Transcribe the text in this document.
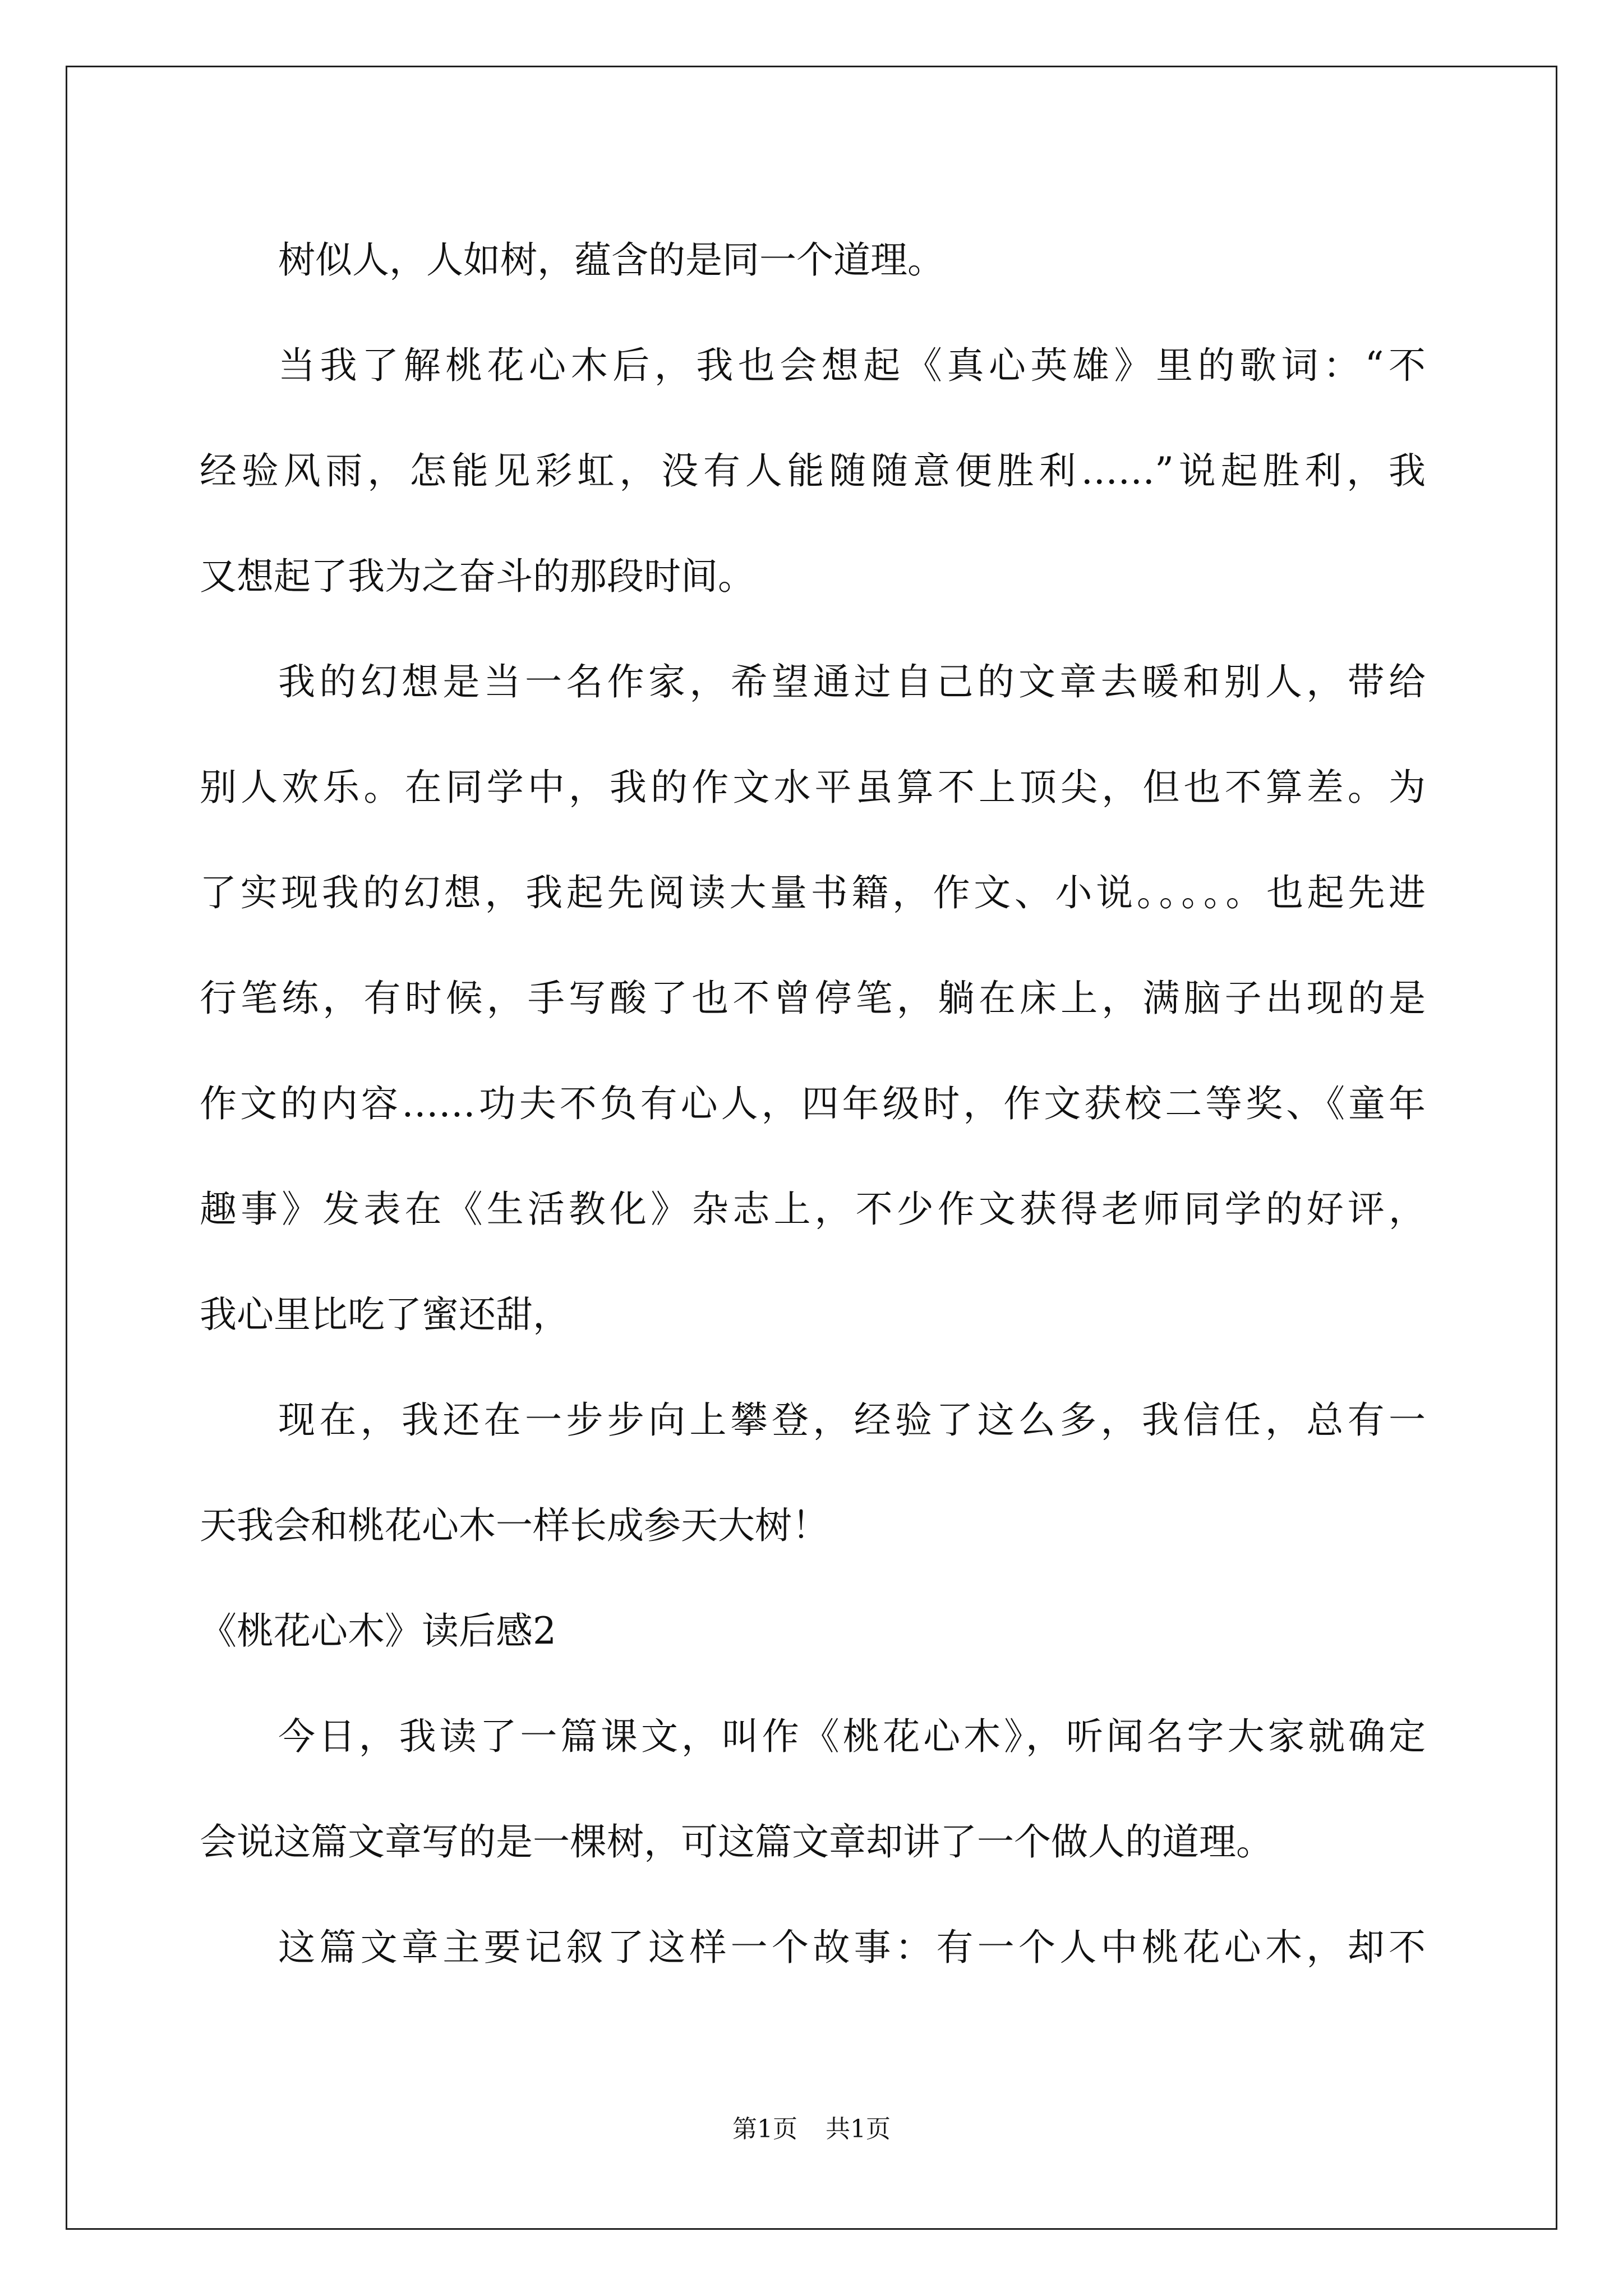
树似人，人如树，蕴含的是同一个道理。
当我了解桃花心木后，我也会想起《真心英雄》里的歌词：“不
经验风雨，怎能见彩虹，没有人能随随意便胜利……”说起胜利，我
又想起了我为之奋斗的那段时间。
我的幻想是当一名作家，希望通过自己的文章去暖和别人，带给
别人欢乐。在同学中，我的作文水平虽算不上顶尖，但也不算差。为
了实现我的幻想，我起先阅读大量书籍，作文、小说。。。。。也起先进
行笔练，有时候，手写酸了也不曾停笔，躺在床上，满脑子出现的是
作文的内容……功夫不负有心人，四年级时，作文获校二等奖、《童年
趣事》发表在《生活教化》杂志上，不少作文获得老师同学的好评，
我心里比吃了蜜还甜，
现在，我还在一步步向上攀登，经验了这么多，我信任，总有一
天我会和桃花心木一样长成参天大树！
《桃花心木》读后感2
今日，我读了一篇课文，叫作《桃花心木》，听闻名字大家就确定
会说这篇文章写的是一棵树，可这篇文章却讲了一个做人的道理。
这篇文章主要记叙了这样一个故事：有一个人中桃花心木，却不
第1页 共1页
